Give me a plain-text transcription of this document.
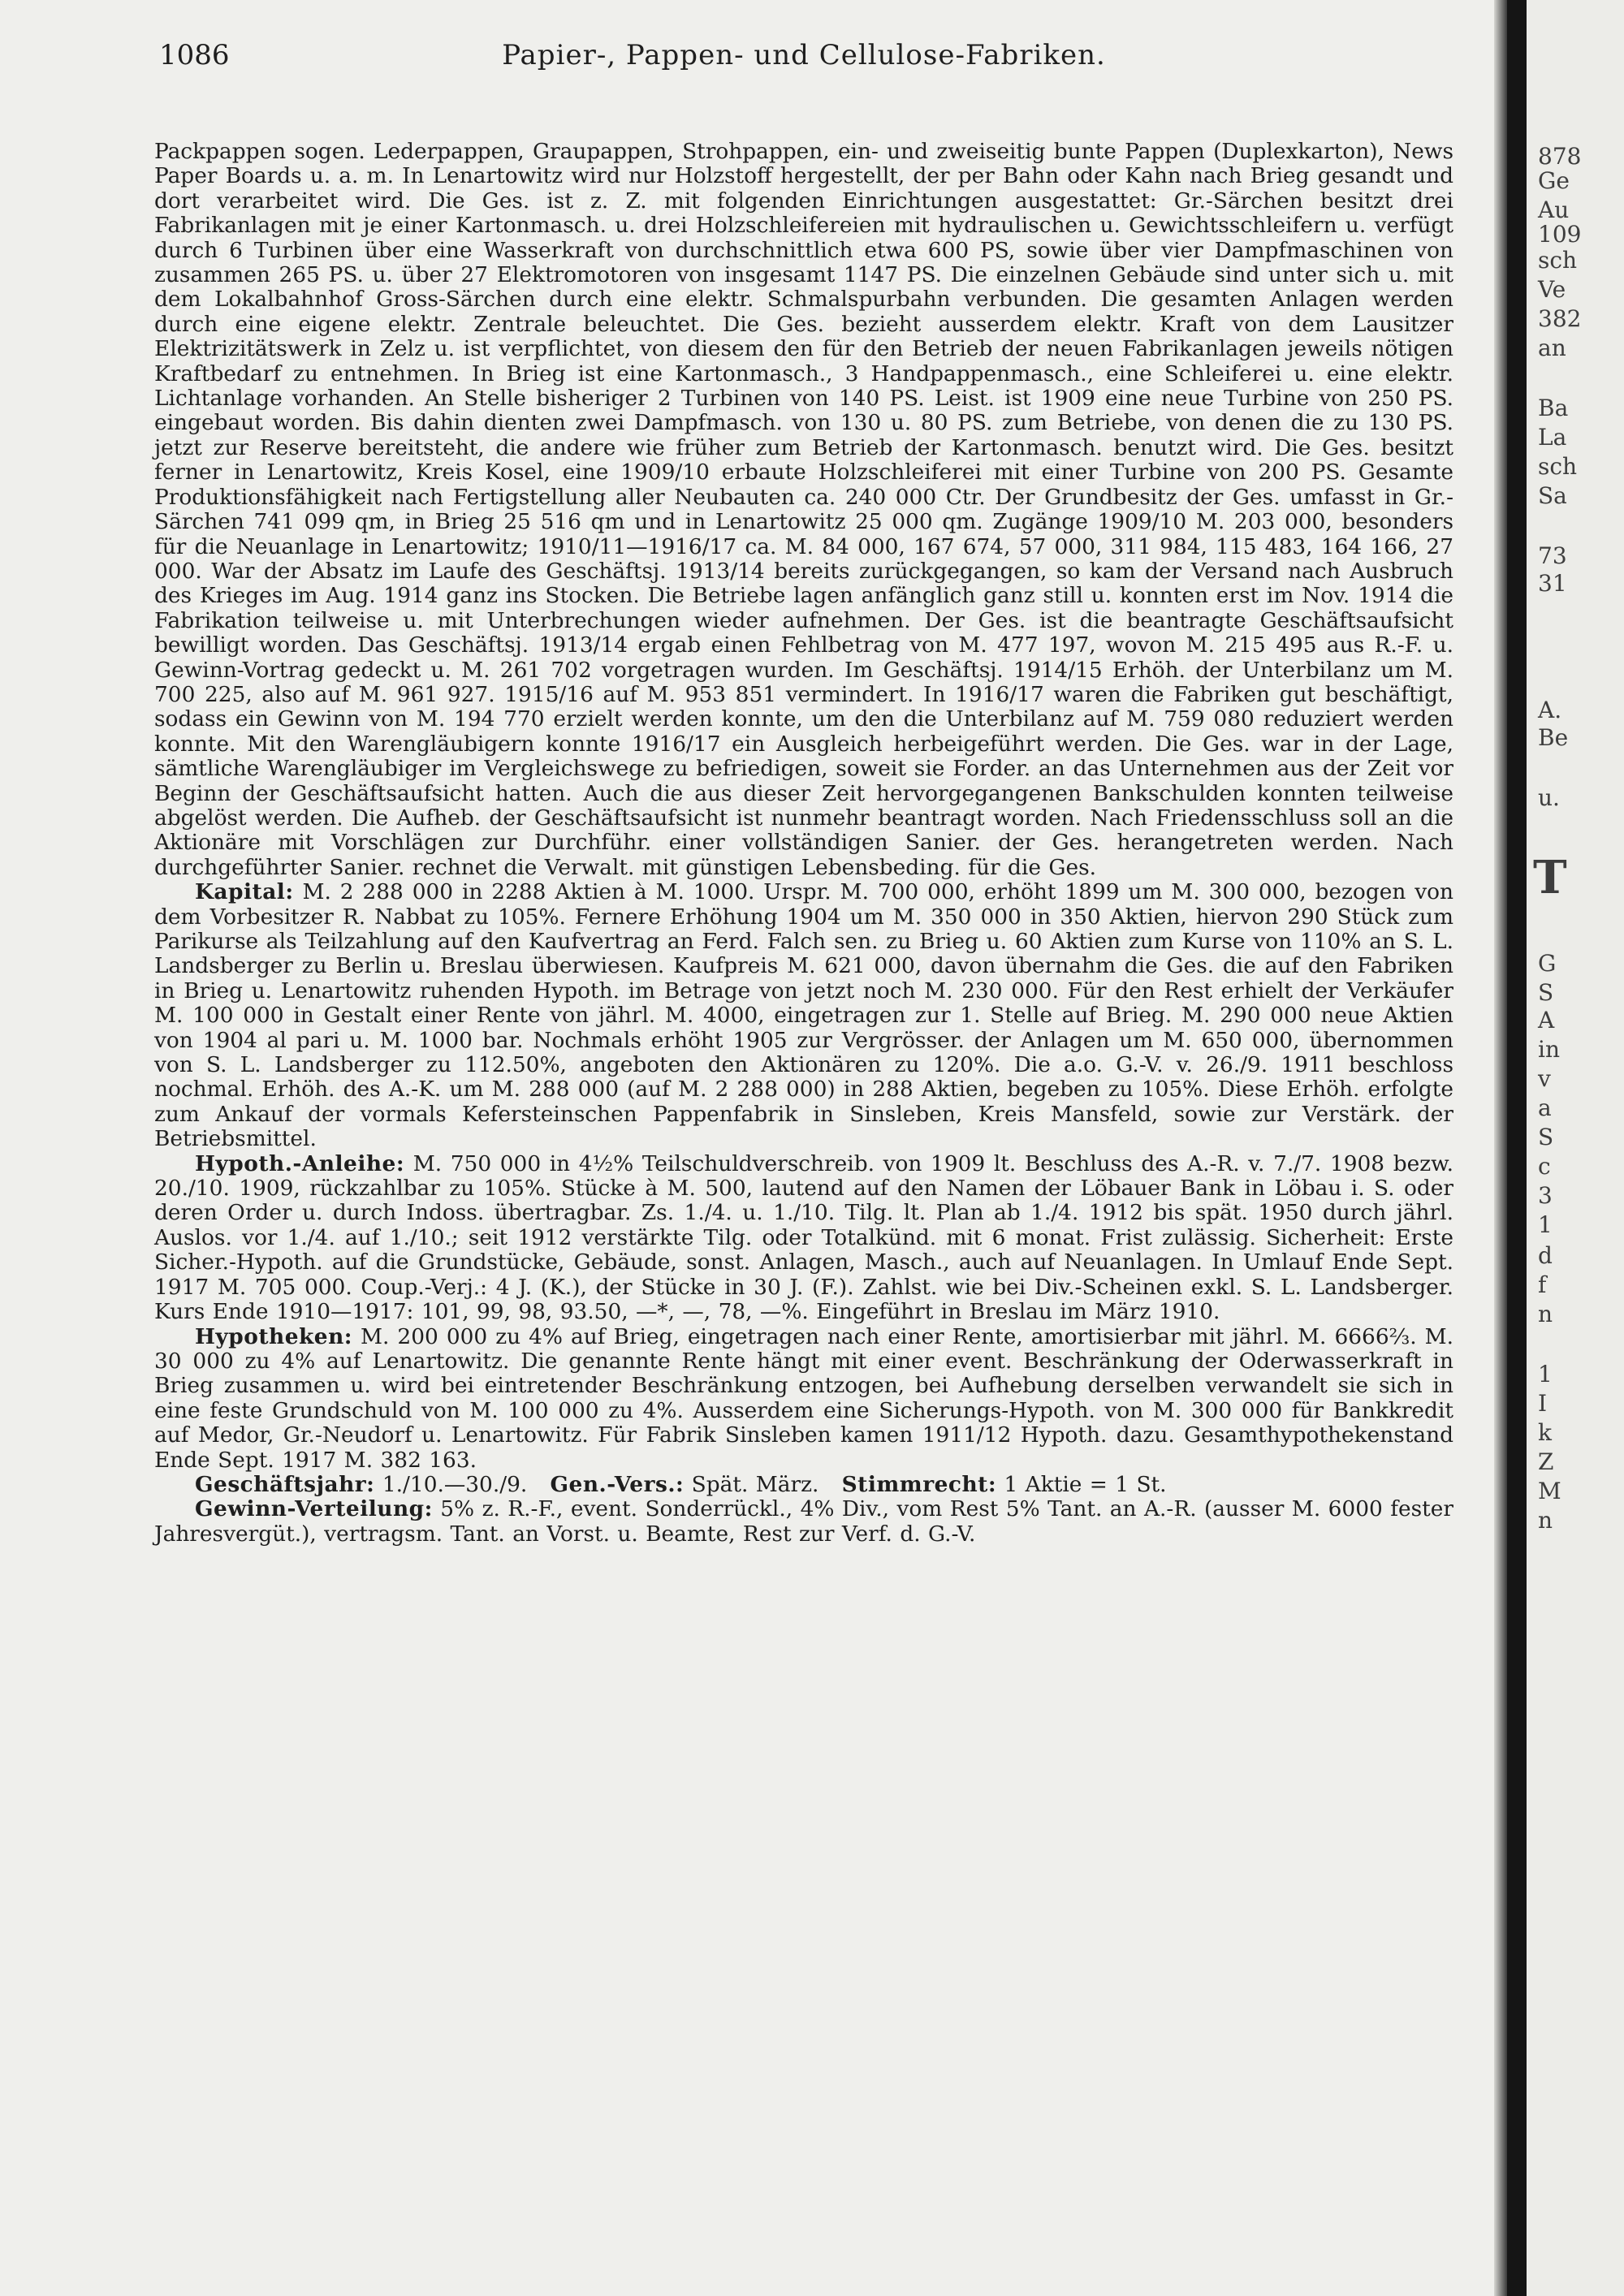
1086	Papier-, Pappen- und Cellulose-Fabriken.

Packpappen sogen. Lederpappen, Graupappen, Strohpappen, ein- und zweiseitig bunte Pappen (Duplexkarton), News Paper Boards u. a. m. In Lenartowitz wird nur Holzstoff hergestellt, der per Bahn oder Kahn nach Brieg gesandt und dort verarbeitet wird. Die Ges. ist z. Z. mit folgenden Einrichtungen ausgestattet: Gr.-Särchen besitzt drei Fabrikanlagen mit je einer Kartonmasch. u. drei Holzschleifereien mit hydraulischen u. Gewichtsschleifern u. verfügt durch 6 Turbinen über eine Wasserkraft von durchschnittlich etwa 600 PS, sowie über vier Dampfmaschinen von zusammen 265 PS. u. über 27 Elektromotoren von insgesamt 1147 PS. Die einzelnen Gebäude sind unter sich u. mit dem Lokalbahnhof Gross-Särchen durch eine elektr. Schmalspurbahn verbunden. Die gesamten Anlagen werden durch eine eigene elektr. Zentrale beleuchtet. Die Ges. bezieht ausserdem elektr. Kraft von dem Lausitzer Elektrizitätswerk in Zelz u. ist verpflichtet, von diesem den für den Betrieb der neuen Fabrikanlagen jeweils nötigen Kraftbedarf zu entnehmen. In Brieg ist eine Kartonmasch., 3 Handpappenmasch., eine Schleiferei u. eine elektr. Lichtanlage vorhanden. An Stelle bisheriger 2 Turbinen von 140 PS. Leist. ist 1909 eine neue Turbine von 250 PS. eingebaut worden. Bis dahin dienten zwei Dampfmasch. von 130 u. 80 PS. zum Betriebe, von denen die zu 130 PS. jetzt zur Reserve bereitsteht, die andere wie früher zum Betrieb der Kartonmasch. benutzt wird. Die Ges. besitzt ferner in Lenartowitz, Kreis Kosel, eine 1909/10 erbaute Holzschleiferei mit einer Turbine von 200 PS. Gesamte Produktionsfähigkeit nach Fertigstellung aller Neubauten ca. 240 000 Ctr. Der Grundbesitz der Ges. umfasst in Gr.-Särchen 741 099 qm, in Brieg 25 516 qm und in Lenartowitz 25 000 qm. Zugänge 1909/10 M. 203 000, besonders für die Neuanlage in Lenartowitz; 1910/11—1916/17 ca. M. 84 000, 167 674, 57 000, 311 984, 115 483, 164 166, 27 000. War der Absatz im Laufe des Geschäftsj. 1913/14 bereits zurückgegangen, so kam der Versand nach Ausbruch des Krieges im Aug. 1914 ganz ins Stocken. Die Betriebe lagen anfänglich ganz still u. konnten erst im Nov. 1914 die Fabrikation teilweise u. mit Unterbrechungen wieder aufnehmen. Der Ges. ist die beantragte Geschäftsaufsicht bewilligt worden. Das Geschäftsj. 1913/14 ergab einen Fehlbetrag von M. 477 197, wovon M. 215 495 aus R.-F. u. Gewinn-Vortrag gedeckt u. M. 261 702 vorgetragen wurden. Im Geschäftsj. 1914/15 Erhöh. der Unterbilanz um M. 700 225, also auf M. 961 927. 1915/16 auf M. 953 851 vermindert. In 1916/17 waren die Fabriken gut beschäftigt, sodass ein Gewinn von M. 194 770 erzielt werden konnte, um den die Unterbilanz auf M. 759 080 reduziert werden konnte. Mit den Warengläubigern konnte 1916/17 ein Ausgleich herbeigeführt werden. Die Ges. war in der Lage, sämtliche Warengläubiger im Vergleichswege zu befriedigen, soweit sie Forder. an das Unternehmen aus der Zeit vor Beginn der Geschäftsaufsicht hatten. Auch die aus dieser Zeit hervorgegangenen Bankschulden konnten teilweise abgelöst werden. Die Aufheb. der Geschäftsaufsicht ist nunmehr beantragt worden. Nach Friedensschluss soll an die Aktionäre mit Vorschlägen zur Durchführ. einer vollständigen Sanier. der Ges. herangetreten werden. Nach durchgeführter Sanier. rechnet die Verwalt. mit günstigen Lebensbeding. für die Ges.

Kapital: M. 2 288 000 in 2288 Aktien à M. 1000. Urspr. M. 700 000, erhöht 1899 um M. 300 000, bezogen von dem Vorbesitzer R. Nabbat zu 105%. Fernere Erhöhung 1904 um M. 350 000 in 350 Aktien, hiervon 290 Stück zum Parikurse als Teilzahlung auf den Kaufvertrag an Ferd. Falch sen. zu Brieg u. 60 Aktien zum Kurse von 110% an S. L. Landsberger zu Berlin u. Breslau überwiesen. Kaufpreis M. 621 000, davon übernahm die Ges. die auf den Fabriken in Brieg u. Lenartowitz ruhenden Hypoth. im Betrage von jetzt noch M. 230 000. Für den Rest erhielt der Verkäufer M. 100 000 in Gestalt einer Rente von jährl. M. 4000, eingetragen zur 1. Stelle auf Brieg. M. 290 000 neue Aktien von 1904 al pari u. M. 1000 bar. Nochmals erhöht 1905 zur Vergrösser. der Anlagen um M. 650 000, übernommen von S. L. Landsberger zu 112.50%, angeboten den Aktionären zu 120%. Die a.o. G.-V. v. 26./9. 1911 beschloss nochmal. Erhöh. des A.-K. um M. 288 000 (auf M. 2 288 000) in 288 Aktien, begeben zu 105%. Diese Erhöh. erfolgte zum Ankauf der vormals Kefersteinschen Pappenfabrik in Sinsleben, Kreis Mansfeld, sowie zur Verstärk. der Betriebsmittel.

Hypoth.-Anleihe: M. 750 000 in 4½% Teilschuldverschreib. von 1909 lt. Beschluss des A.-R. v. 7./7. 1908 bezw. 20./10. 1909, rückzahlbar zu 105%. Stücke à M. 500, lautend auf den Namen der Löbauer Bank in Löbau i. S. oder deren Order u. durch Indoss. übertragbar. Zs. 1./4. u. 1./10. Tilg. lt. Plan ab 1./4. 1912 bis spät. 1950 durch jährl. Auslos. vor 1./4. auf 1./10.; seit 1912 verstärkte Tilg. oder Totalkünd. mit 6 monat. Frist zulässig. Sicherheit: Erste Sicher.-Hypoth. auf die Grundstücke, Gebäude, sonst. Anlagen, Masch., auch auf Neuanlagen. In Umlauf Ende Sept. 1917 M. 705 000. Coup.-Verj.: 4 J. (K.), der Stücke in 30 J. (F.). Zahlst. wie bei Div.-Scheinen exkl. S. L. Landsberger. Kurs Ende 1910—1917: 101, 99, 98, 93.50, —*, —, 78, —%. Eingeführt in Breslau im März 1910.

Hypotheken: M. 200 000 zu 4% auf Brieg, eingetragen nach einer Rente, amortisierbar mit jährl. M. 6666⅔. M. 30 000 zu 4% auf Lenartowitz. Die genannte Rente hängt mit einer event. Beschränkung der Oderwasserkraft in Brieg zusammen u. wird bei eintretender Beschränkung entzogen, bei Aufhebung derselben verwandelt sie sich in eine feste Grundschuld von M. 100 000 zu 4%. Ausserdem eine Sicherungs-Hypoth. von M. 300 000 für Bankkredit auf Medor, Gr.-Neudorf u. Lenartowitz. Für Fabrik Sinsleben kamen 1911/12 Hypoth. dazu. Gesamthypothekenstand Ende Sept. 1917 M. 382 163.

Geschäftsjahr: 1./10.—30./9. Gen.-Vers.: Spät. März. Stimmrecht: 1 Aktie = 1 St.

Gewinn-Verteilung: 5% z. R.-F., event. Sonderrückl., 4% Div., vom Rest 5% Tant. an A.-R. (ausser M. 6000 fester Jahresvergüt.), vertragsm. Tant. an Vorst. u. Beamte, Rest zur Verf. d. G.-V.

878
Ge
Au
109
sch
Ve
382
an
Ba
La
sch
Sa
73
31
A.
Be
u.
T
G
S
A
in
v
a
S
c
3
1
d
f
n
1
I
k
Z
M
n
